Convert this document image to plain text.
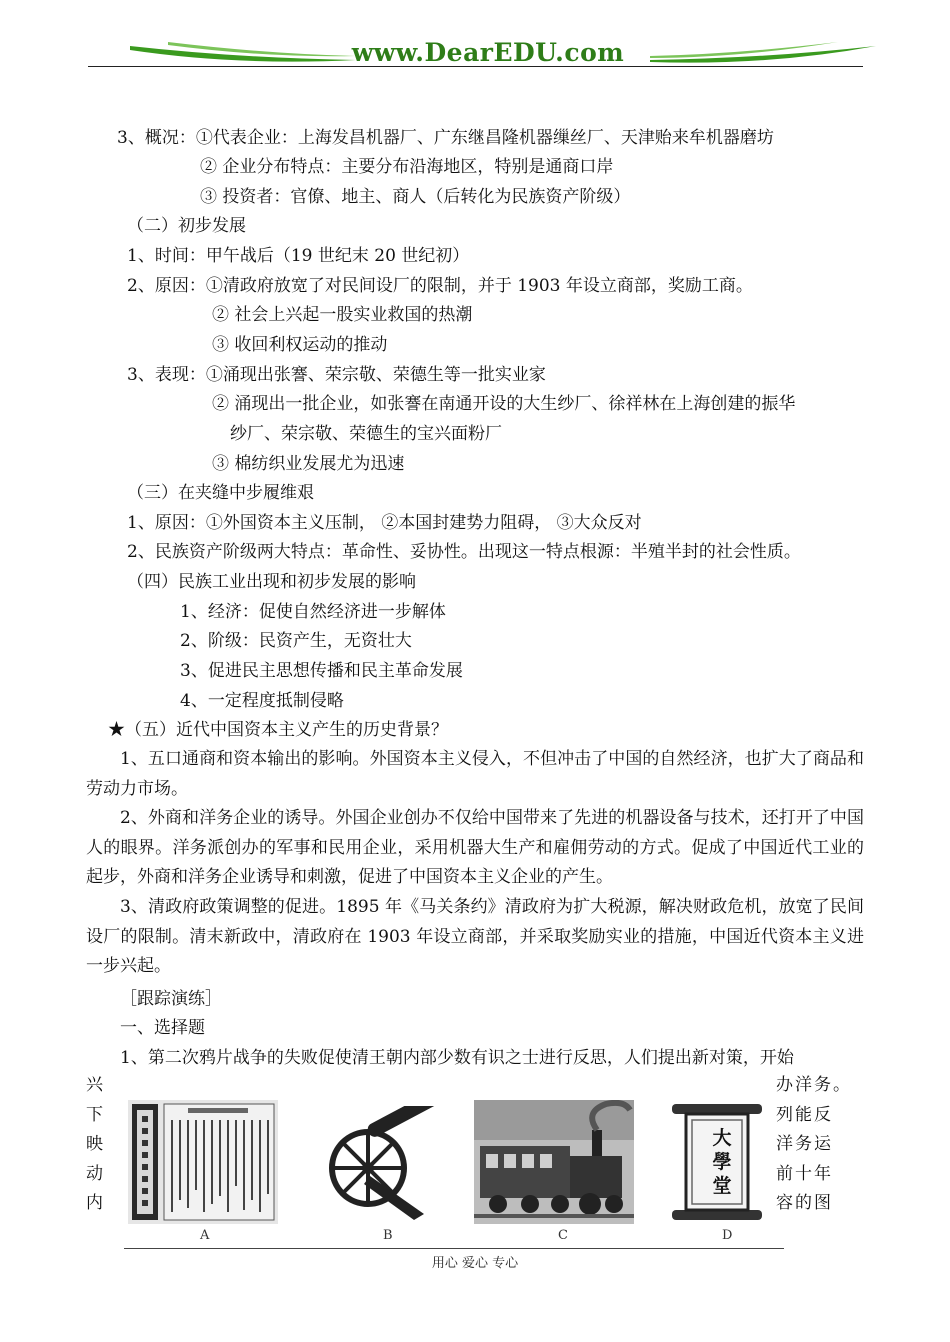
www.DearEDU.com
3、概况：①代表企业：上海发昌机器厂、广东继昌隆机器缫丝厂、天津贻来牟机器磨坊
② 企业分布特点：主要分布沿海地区，特别是通商口岸
③ 投资者：官僚、地主、商人（后转化为民族资产阶级）
（二）初步发展
1、时间：甲午战后（19 世纪末 20 世纪初）
2、原因：①清政府放宽了对民间设厂的限制，并于 1903 年设立商部，奖励工商。
② 社会上兴起一股实业救国的热潮
③ 收回利权运动的推动
3、表现：①涌现出张謇、荣宗敬、荣德生等一批实业家
② 涌现出一批企业，如张謇在南通开设的大生纱厂、徐祥林在上海创建的振华
纱厂、荣宗敬、荣德生的宝兴面粉厂
③ 棉纺织业发展尤为迅速
（三）在夹缝中步履维艰
1、原因：①外国资本主义压制， ②本国封建势力阻碍， ③大众反对
2、民族资产阶级两大特点：革命性、妥协性。出现这一特点根源：半殖半封的社会性质。
（四）民族工业出现和初步发展的影响
1、经济：促使自然经济进一步解体
2、阶级：民资产生，无资壮大
3、促进民主思想传播和民主革命发展
4、一定程度抵制侵略
★（五）近代中国资本主义产生的历史背景？
1、五口通商和资本输出的影响。外国资本主义侵入，不但冲击了中国的自然经济，也扩大了商品和劳动力市场。
2、外商和洋务企业的诱导。外国企业创办不仅给中国带来了先进的机器设备与技术，还打开了中国人的眼界。洋务派创办的军事和民用企业，采用机器大生产和雇佣劳动的方式。促成了中国近代工业的起步，外商和洋务企业诱导和刺激，促进了中国资本主义企业的产生。
3、清政府政策调整的促进。1895 年《马关条约》清政府为扩大税源，解决财政危机，放宽了民间设厂的限制。清末新政中，清政府在 1903 年设立商部，并采取奖励实业的措施，中国近代资本主义进一步兴起。
［跟踪演练］
一、选择题
1、第二次鸦片战争的失败促使清王朝内部少数有识之士进行反思，人们提出新对策，开始
兴
下
映
动
内
办洋务。
列能反
洋务运
前十年
容的图
大學堂
A	B	C	D
用心 爱心 专心
